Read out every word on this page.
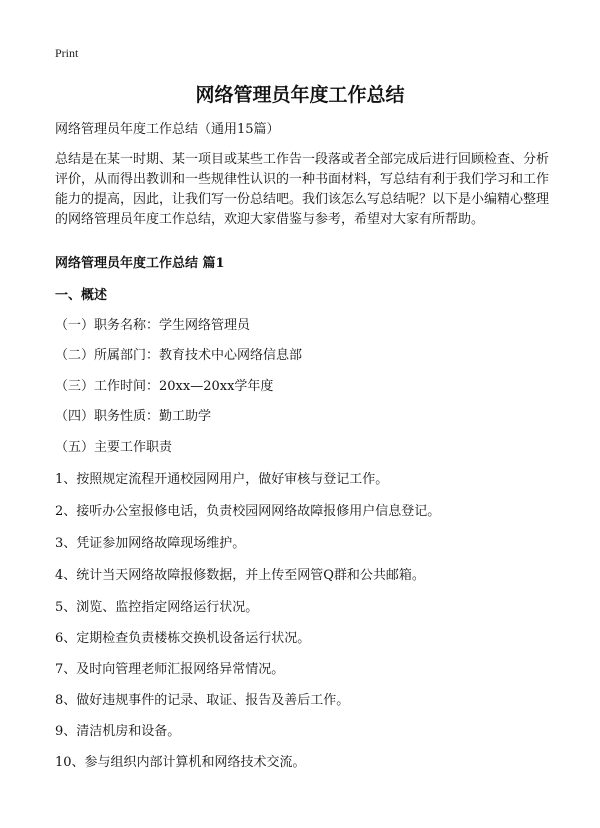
Print
网络管理员年度工作总结

网络管理员年度工作总结（通用15篇）

总结是在某一时期、某一项目或某些工作告一段落或者全部完成后进行回顾检查、分析评价，从而得出教训和一些规律性认识的一种书面材料，写总结有利于我们学习和工作能力的提高，因此，让我们写一份总结吧。我们该怎么写总结呢？以下是小编精心整理的网络管理员年度工作总结，欢迎大家借鉴与参考，希望对大家有所帮助。

网络管理员年度工作总结 篇1

一、概述

（一）职务名称：学生网络管理员

（二）所属部门：教育技术中心网络信息部

（三）工作时间：20xx—20xx学年度

（四）职务性质：勤工助学

（五）主要工作职责

1、按照规定流程开通校园网用户，做好审核与登记工作。

2、接听办公室报修电话，负责校园网网络故障报修用户信息登记。

3、凭证参加网络故障现场维护。

4、统计当天网络故障报修数据，并上传至网管Q群和公共邮箱。

5、浏览、监控指定网络运行状况。

6、定期检查负责楼栋交换机设备运行状况。

7、及时向管理老师汇报网络异常情况。

8、做好违规事件的记录、取证、报告及善后工作。

9、清洁机房和设备。

10、参与组织内部计算机和网络技术交流。
